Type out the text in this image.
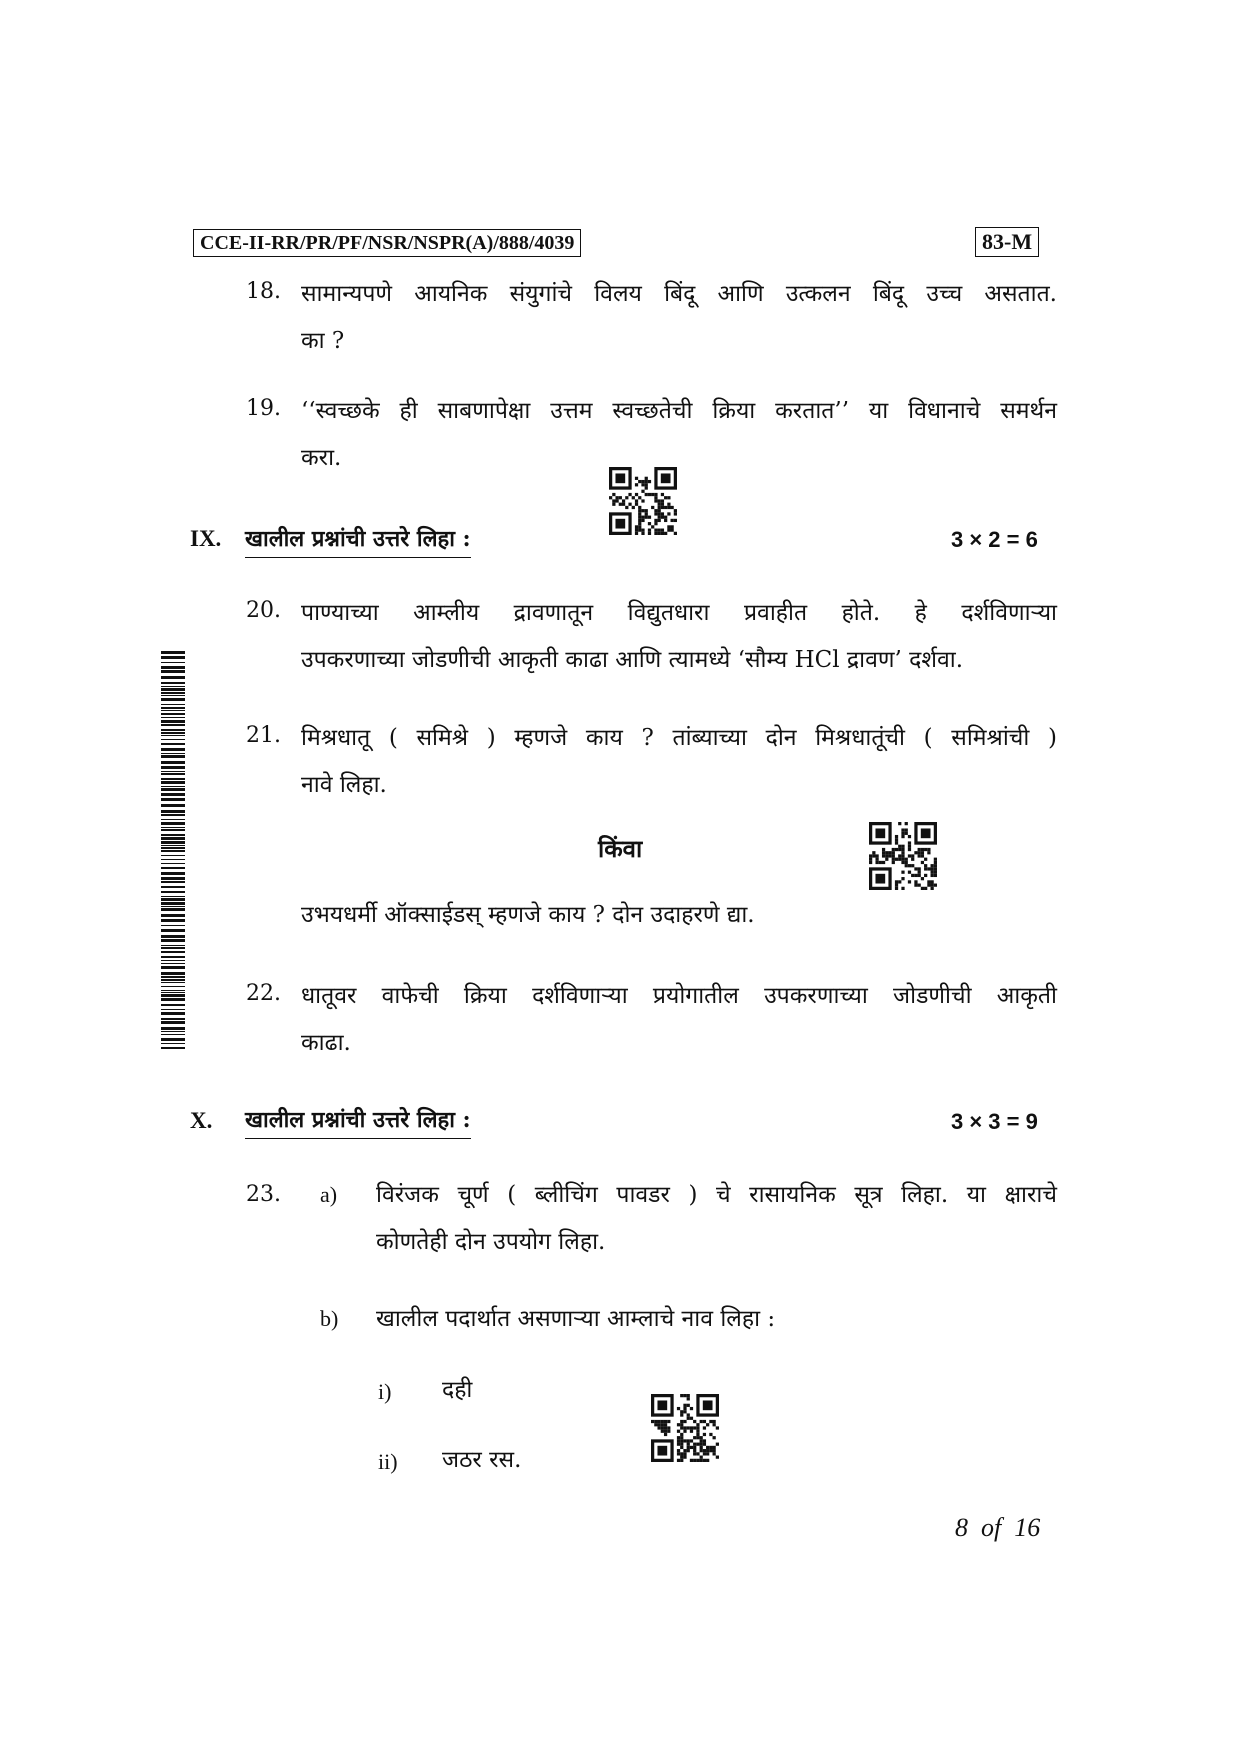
CCE-II-RR/PR/PF/NSR/NSPR(A)/888/4039	83-M
18. सामान्यपणे आयनिक संयुगांचे विलय बिंदू आणि उत्कलन बिंदू उच्च असतात.
का ?
19. ‘‘स्वच्छके ही साबणापेक्षा उत्तम स्वच्छतेची क्रिया करतात’’ या विधानाचे समर्थन
करा.
IX. खालील प्रश्नांची उत्तरे लिहा :	3 × 2 = 6
20. पाण्याच्या आम्लीय द्रावणातून विद्युतधारा प्रवाहीत होते. हे दर्शविणाऱ्या
उपकरणाच्या जोडणीची आकृती काढा आणि त्यामध्ये ‘सौम्य HCl द्रावण’ दर्शवा.
21. मिश्रधातू ( समिश्रे ) म्हणजे काय ? तांब्याच्या दोन मिश्रधातूंची ( समिश्रांची )
नावे लिहा.
किंवा
उभयधर्मी ऑक्साईडस् म्हणजे काय ? दोन उदाहरणे द्या.
22. धातूवर वाफेची क्रिया दर्शविणाऱ्या प्रयोगातील उपकरणाच्या जोडणीची आकृती
काढा.
X. खालील प्रश्नांची उत्तरे लिहा :	3 × 3 = 9
23. a) विरंजक चूर्ण ( ब्लीचिंग पावडर ) चे रासायनिक सूत्र लिहा. या क्षाराचे
कोणतेही दोन उपयोग लिहा.
b) खालील पदार्थात असणाऱ्या आम्लाचे नाव लिहा :
i) दही
ii) जठर रस.
8  of  16
